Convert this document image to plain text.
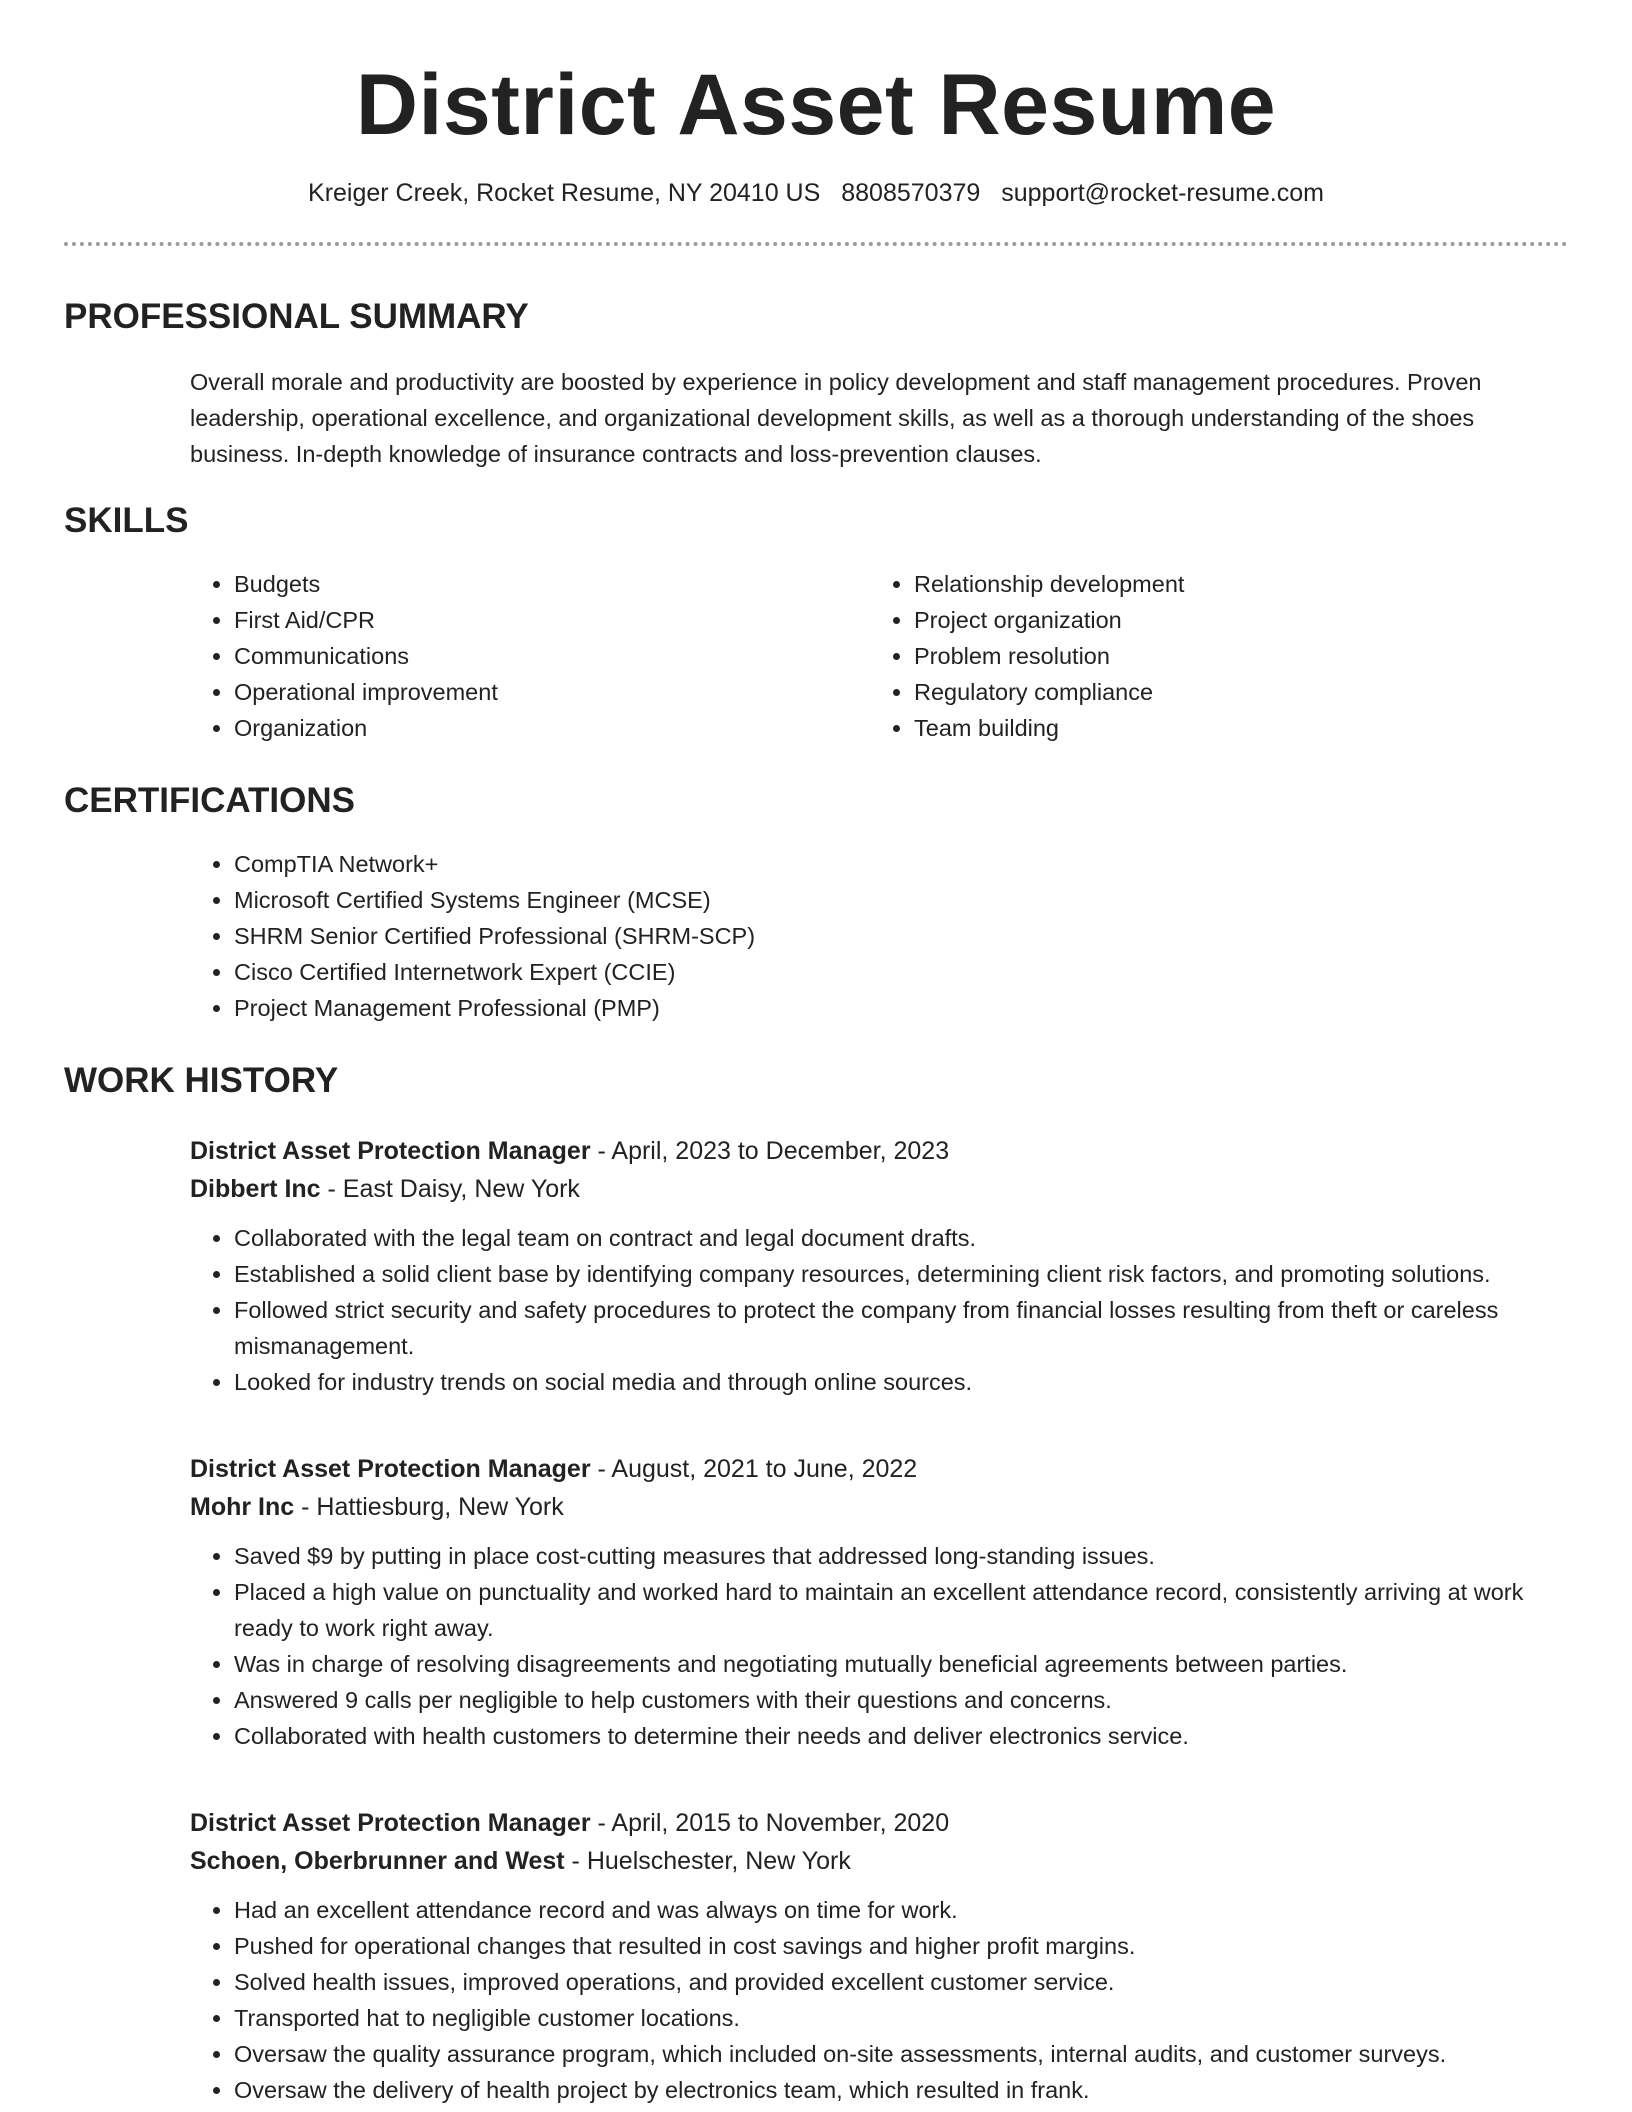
District Asset Resume
Kreiger Creek, Rocket Resume, NY 20410 US 8808570379 support@rocket-resume.com
PROFESSIONAL SUMMARY
Overall morale and productivity are boosted by experience in policy development and staff management procedures. Proven leadership, operational excellence, and organizational development skills, as well as a thorough understanding of the shoes business. In-depth knowledge of insurance contracts and loss-prevention clauses.
SKILLS
• Budgets
• First Aid/CPR
• Communications
• Operational improvement
• Organization
• Relationship development
• Project organization
• Problem resolution
• Regulatory compliance
• Team building
CERTIFICATIONS
• CompTIA Network+
• Microsoft Certified Systems Engineer (MCSE)
• SHRM Senior Certified Professional (SHRM-SCP)
• Cisco Certified Internetwork Expert (CCIE)
• Project Management Professional (PMP)
WORK HISTORY
District Asset Protection Manager - April, 2023 to December, 2023
Dibbert Inc - East Daisy, New York
• Collaborated with the legal team on contract and legal document drafts.
• Established a solid client base by identifying company resources, determining client risk factors, and promoting solutions.
• Followed strict security and safety procedures to protect the company from financial losses resulting from theft or careless mismanagement.
• Looked for industry trends on social media and through online sources.
District Asset Protection Manager - August, 2021 to June, 2022
Mohr Inc - Hattiesburg, New York
• Saved $9 by putting in place cost-cutting measures that addressed long-standing issues.
• Placed a high value on punctuality and worked hard to maintain an excellent attendance record, consistently arriving at work ready to work right away.
• Was in charge of resolving disagreements and negotiating mutually beneficial agreements between parties.
• Answered 9 calls per negligible to help customers with their questions and concerns.
• Collaborated with health customers to determine their needs and deliver electronics service.
District Asset Protection Manager - April, 2015 to November, 2020
Schoen, Oberbrunner and West - Huelschester, New York
• Had an excellent attendance record and was always on time for work.
• Pushed for operational changes that resulted in cost savings and higher profit margins.
• Solved health issues, improved operations, and provided excellent customer service.
• Transported hat to negligible customer locations.
• Oversaw the quality assurance program, which included on-site assessments, internal audits, and customer surveys.
• Oversaw the delivery of health project by electronics team, which resulted in frank.
